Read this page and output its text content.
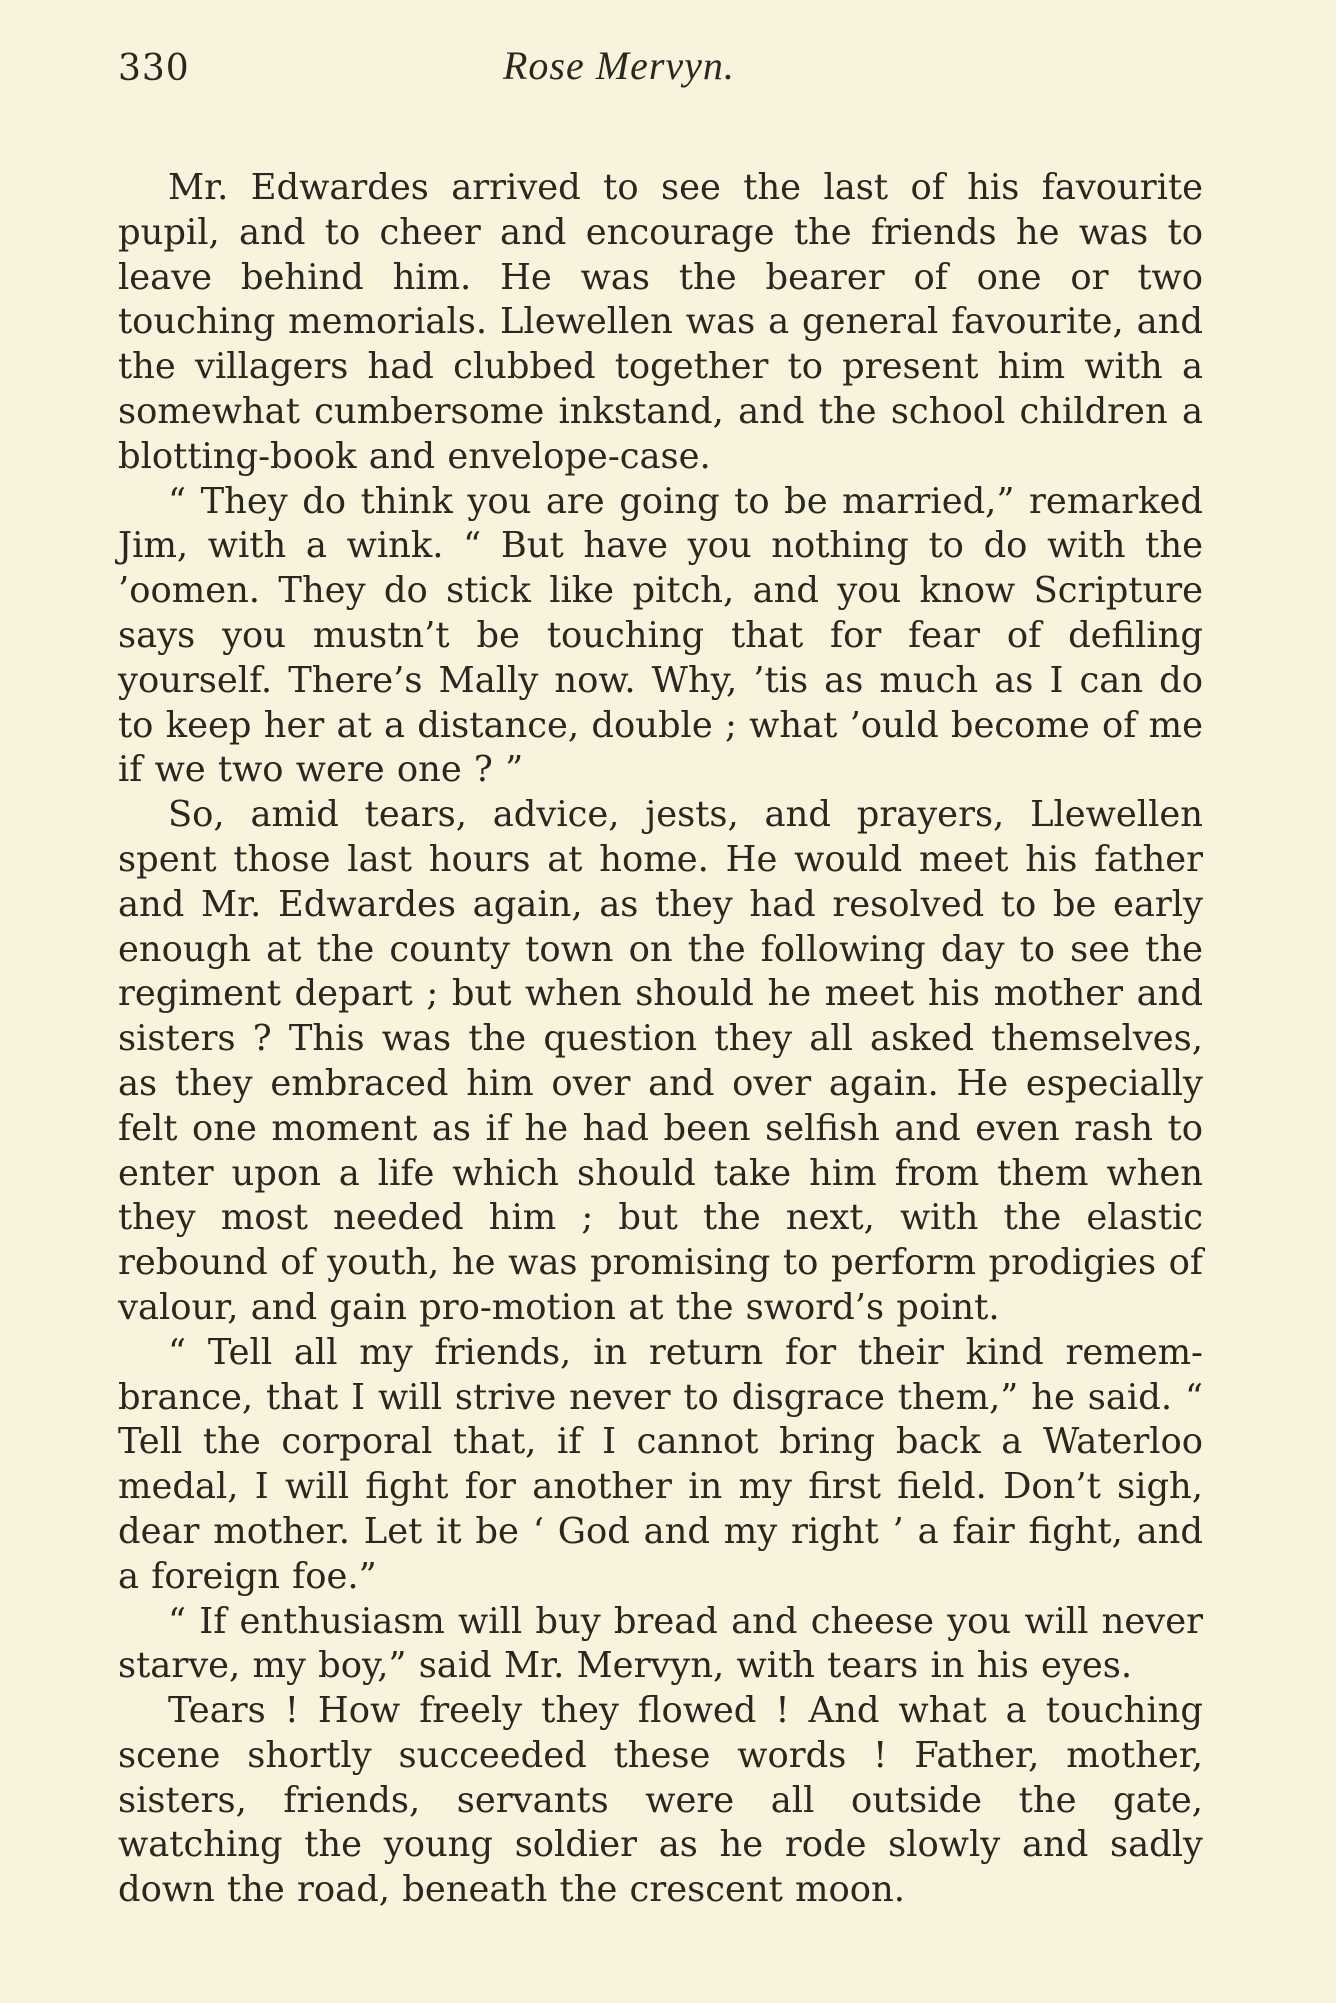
330	Rose Mervyn.

Mr. Edwardes arrived to see the last of his favourite pupil, and to cheer and encourage the friends he was to leave behind him. He was the bearer of one or two touching memorials. Llewellen was a general favourite, and the villagers had clubbed together to present him with a somewhat cumbersome inkstand, and the school children a blotting-book and envelope-case.

“ They do think you are going to be married,” remarked Jim, with a wink. “ But have you nothing to do with the ’oomen. They do stick like pitch, and you know Scripture says you mustn’t be touching that for fear of defiling yourself. There’s Mally now. Why, ’tis as much as I can do to keep her at a distance, double ; what ’ould become of me if we two were one ? ”

So, amid tears, advice, jests, and prayers, Llewellen spent those last hours at home. He would meet his father and Mr. Edwardes again, as they had resolved to be early enough at the county town on the following day to see the regiment depart ; but when should he meet his mother and sisters ? This was the question they all asked themselves, as they embraced him over and over again. He especially felt one moment as if he had been selfish and even rash to enter upon a life which should take him from them when they most needed him ; but the next, with the elastic rebound of youth, he was promising to perform prodigies of valour, and gain pro-motion at the sword’s point.

“ Tell all my friends, in return for their kind remem-brance, that I will strive never to disgrace them,” he said. “ Tell the corporal that, if I cannot bring back a Waterloo medal, I will fight for another in my first field. Don’t sigh, dear mother. Let it be ‘ God and my right ’ a fair fight, and a foreign foe.”

“ If enthusiasm will buy bread and cheese you will never starve, my boy,” said Mr. Mervyn, with tears in his eyes.

Tears ! How freely they flowed ! And what a touching scene shortly succeeded these words ! Father, mother, sisters, friends, servants were all outside the gate, watching the young soldier as he rode slowly and sadly down the road, beneath the crescent moon.
